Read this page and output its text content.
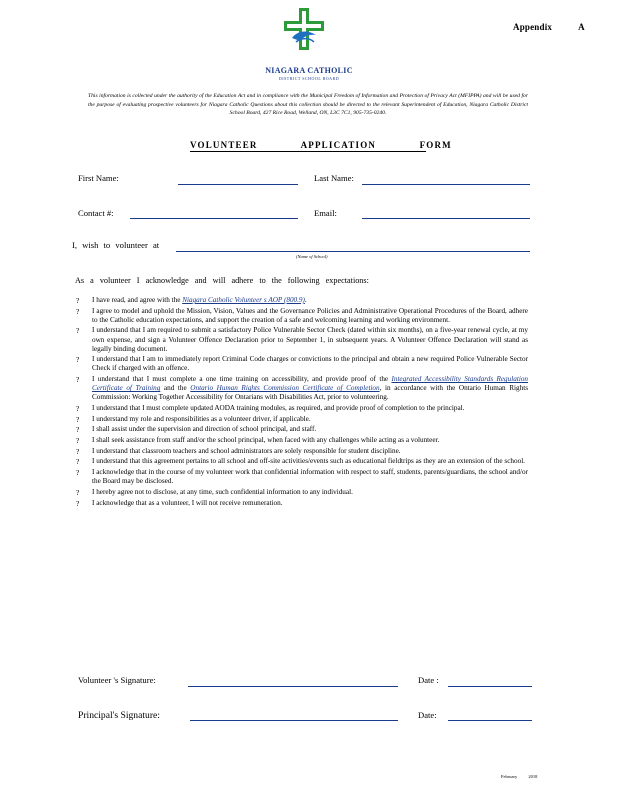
Appendix	A
NIAGARA CATHOLIC
DISTRICT SCHOOL BOARD
This information is collected under the authority of the Education Act and in compliance with the Municipal Freedom of Information and Protection of Privacy Act (MFIPPA) and will be used for the purpose of evaluating prospective volunteers for Niagara Catholic Questions about this collection should be directed to the relevant Superintendent of Education, Niagara Catholic District School Board, 427 Rice Road, Welland, ON, L3C 7C1, 905-735-0240.
VOLUNTEER APPLICATION FORM
First Name:	Last Name:
Contact #:	Email:
I, wish to volunteer at
(Name of School)
As a volunteer I acknowledge and will adhere to the following expectations:
? I have read, and agree with the Niagara Catholic Volunteer s AOP (800.9).
? I agree to model and uphold the Mission, Vision, Values and the Governance Policies and Administrative Operational Procedures of the Board, adhere to the Catholic education expectations, and support the creation of a safe and welcoming learning and working environment.
? I understand that I am required to submit a satisfactory Police Vulnerable Sector Check (dated within six months), on a five-year renewal cycle, at my own expense, and sign a Volunteer Offence Declaration prior to September 1, in subsequent years. A Volunteer Offence Declaration will stand as legally binding document.
? I understand that I am to immediately report Criminal Code charges or convictions to the principal and obtain a new required Police Vulnerable Sector Check if charged with an offence.
? I understand that I must complete a one time training on accessibility, and provide proof of the Integrated Accessibility Standards Regulation Certificate of Training and the Ontario Human Rights Commission Certificate of Completion, in accordance with the Ontario Human Rights Commission: Working Together Accessibility for Ontarians with Disabilities Act, prior to volunteering.
? I understand that I must complete updated AODA training modules, as required, and provide proof of completion to the principal.
? I understand my role and responsibilities as a volunteer driver, if applicable.
? I shall assist under the supervision and direction of school principal, and staff.
? I shall seek assistance from staff and/or the school principal, when faced with any challenges while acting as a volunteer.
? I understand that classroom teachers and school administrators are solely responsible for student discipline.
? I understand that this agreement pertains to all school and off-site activities/events such as educational fieldtrips as they are an extension of the school.
? I acknowledge that in the course of my volunteer work that confidential information with respect to staff, students, parents/guardians, the school and/or the Board may be disclosed.
? I hereby agree not to disclose, at any time, such confidential information to any individual.
? I acknowledge that as a volunteer, I will not receive remuneration.
Volunteer 's Signature:	Date :
Principal's Signature:	Date:
February 2018
